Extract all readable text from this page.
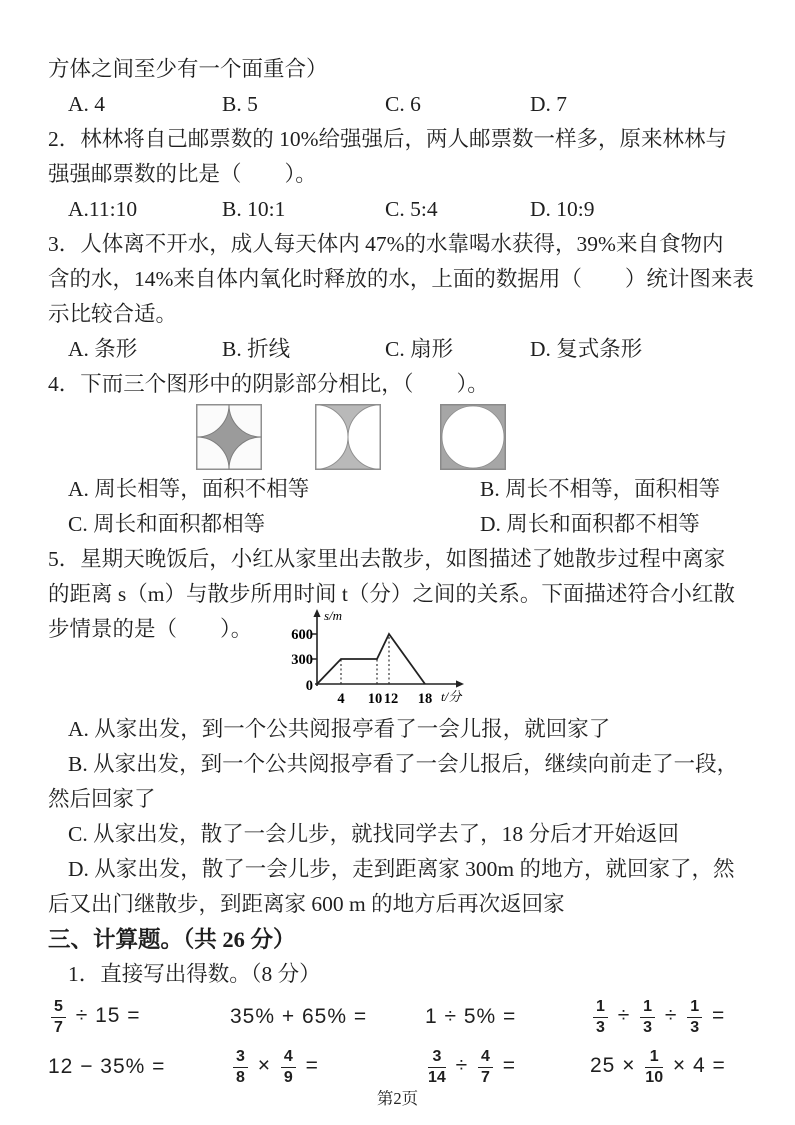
方体之间至少有一个面重合）
A. 4	B. 5	C. 6	D. 7
2．林林将自己邮票数的 10%给强强后，两人邮票数一样多，原来林林与
强强邮票数的比是（　　）。
A.11:10	B. 10:1	C. 5:4	D. 10:9
3．人体离不开水，成人每天体内 47%的水靠喝水获得，39%来自食物内
含的水，14%来自体内氧化时释放的水，上面的数据用（　　）统计图来表
示比较合适。
A. 条形	B. 折线	C. 扇形	D. 复式条形
4．下而三个图形中的阴影部分相比，（　　）。
A. 周长相等，面积不相等	B. 周长不相等，面积相等
C. 周长和面积都相等	D. 周长和面积都不相等
5．星期天晚饭后，小红从家里出去散步，如图描述了她散步过程中离家
的距离 s（m）与散步所用时间 t（分）之间的关系。下面描述符合小红散
步情景的是（　　）。
s/m
600
300
0
4 10 12 18 t/分
A. 从家出发，到一个公共阅报亭看了一会儿报，就回家了
B. 从家出发，到一个公共阅报亭看了一会儿报后，继续向前走了一段，
然后回家了
C. 从家出发，散了一会儿步，就找同学去了，18 分后才开始返回
D. 从家出发，散了一会儿步，走到距离家 300m 的地方，就回家了，然
后又出门继散步，到距离家 600 m 的地方后再次返回家
三、计算题。（共 26 分）
1．直接写出得数。（8 分）
$\frac{5}{7} \div 15$ =	35% + 65% =	1 ÷ 5% =	$\frac{1}{3} \div \frac{1}{3} \div \frac{1}{3}$ =
12 − 35% =	$\frac{3}{8} \times \frac{4}{9}$ =	$\frac{3}{14} \div \frac{4}{7}$ =	$25 \times \frac{1}{10} \times 4$ =
第2页
